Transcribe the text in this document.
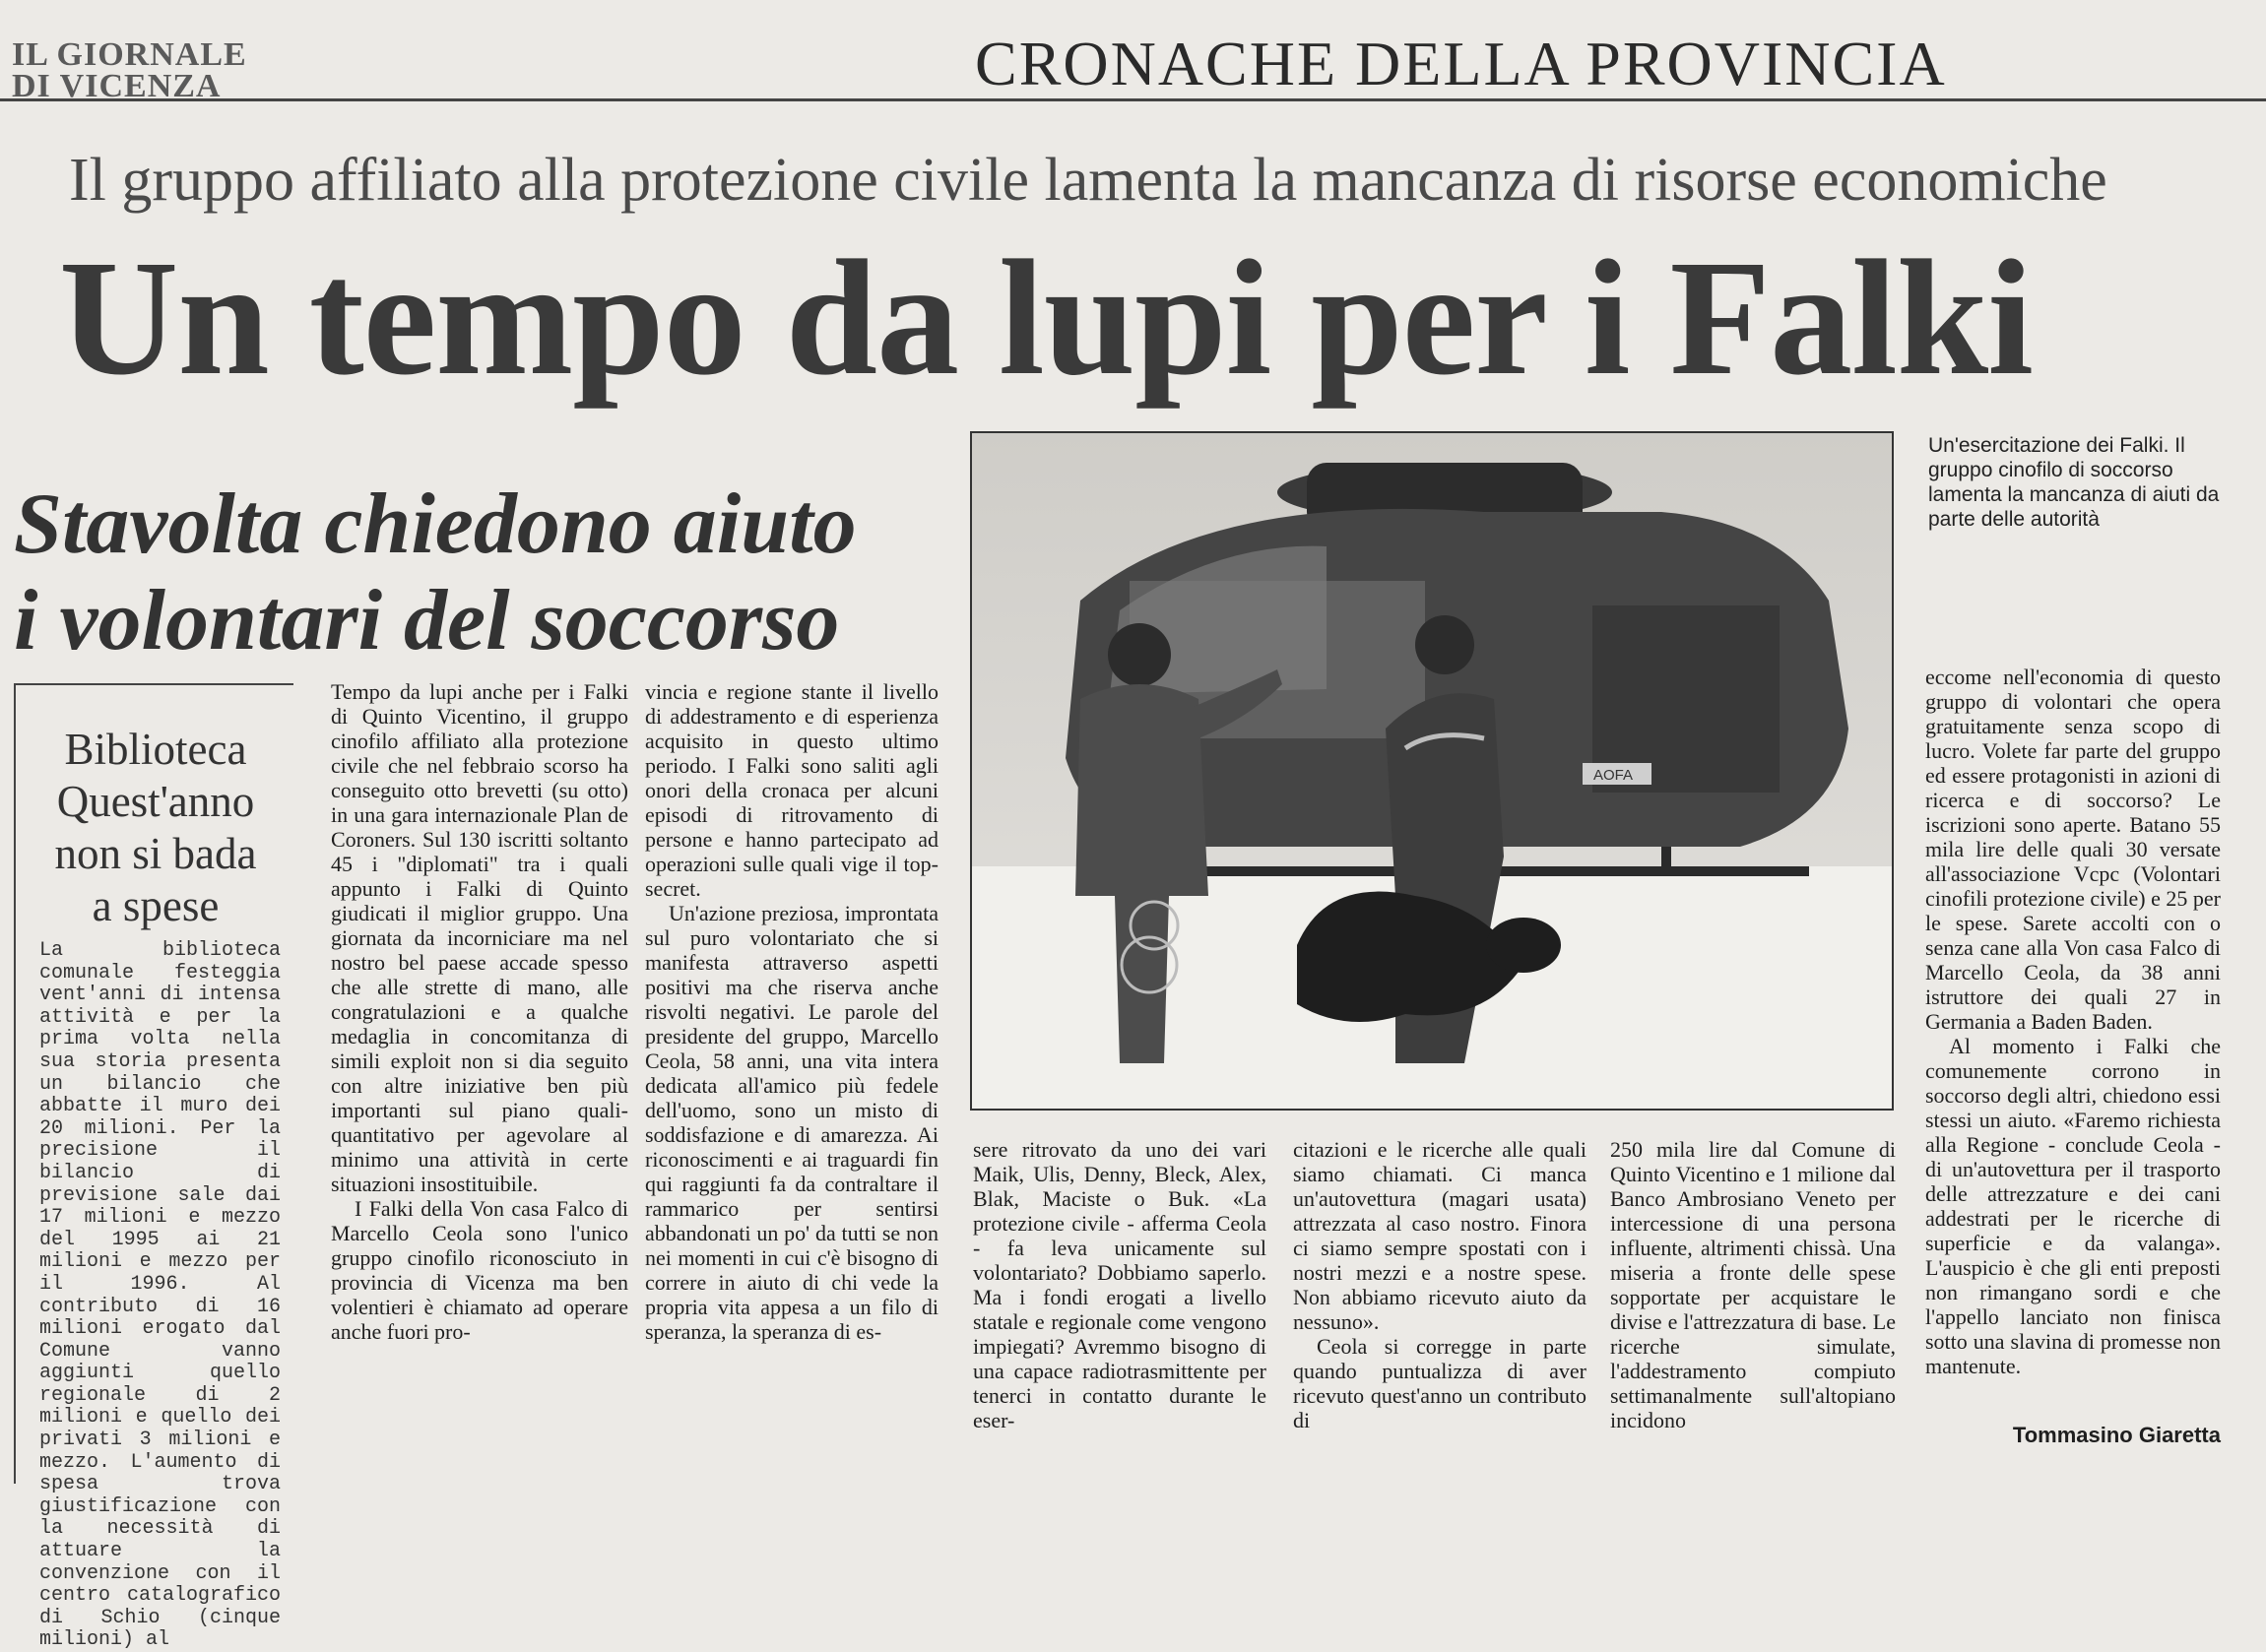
IL GIORNALE
DI VICENZA	CRONACHE DELLA PROVINCIA
Il gruppo affiliato alla protezione civile lamenta la mancanza di risorse economiche
Un tempo da lupi per i Falki
Stavolta chiedono aiuto
i volontari del soccorso
AOFA
Un'esercitazione dei Falki. Il gruppo cinofilo di soccorso lamenta la mancanza di aiuti da parte delle autorità
Biblioteca
Quest'anno
non si bada
a spese
La biblioteca comunale festeggia vent'anni di intensa attività e per la prima volta nella sua storia presenta un bilancio che abbatte il muro dei 20 milioni. Per la precisione il bilancio di previsione sale dai 17 milioni e mezzo del 1995 ai 21 milioni e mezzo per il 1996. Al contributo di 16 milioni erogato dal Comune vanno aggiunti quello regionale di 2 milioni e quello dei privati 3 milioni e mezzo. L'aumento di spesa trova giustificazione con la necessità di attuare la convenzione con il centro catalografico di Schio (cinque milioni) al

Tempo da lupi anche per i Falki di Quinto Vicentino, il gruppo cinofilo affiliato alla protezione civile che nel febbraio scorso ha conseguito otto brevetti (su otto) in una gara internazionale Plan de Coroners. Sul 130 iscritti soltanto 45 i "diplomati" tra i quali appunto i Falki di Quinto giudicati il miglior gruppo. Una giornata da incorniciare ma nel nostro bel paese accade spesso che alle strette di mano, alle congratulazioni e a qualche medaglia in concomitanza di simili exploit non si dia seguito con altre iniziative ben più importanti sul piano quali-quantitativo per agevolare al minimo una attività in certe situazioni insostituibile.

I Falki della Von casa Falco di Marcello Ceola sono l'unico gruppo cinofilo riconosciuto in provincia di Vicenza ma ben volentieri è chiamato ad operare anche fuori pro-

vincia e regione stante il livello di addestramento e di esperienza acquisito in questo ultimo periodo. I Falki sono saliti agli onori della cronaca per alcuni episodi di ritrovamento di persone e hanno partecipato ad operazioni sulle quali vige il top-secret.

Un'azione preziosa, improntata sul puro volontariato che si manifesta attraverso aspetti positivi ma che riserva anche risvolti negativi. Le parole del presidente del gruppo, Marcello Ceola, 58 anni, una vita intera dedicata all'amico più fedele dell'uomo, sono un misto di soddisfazione e di amarezza. Ai riconoscimenti e ai traguardi fin qui raggiunti fa da contraltare il rammarico per sentirsi abbandonati un po' da tutti se non nei momenti in cui c'è bisogno di correre in aiuto di chi vede la propria vita appesa a un filo di speranza, la speranza di es-

sere ritrovato da uno dei vari Maik, Ulis, Denny, Bleck, Alex, Blak, Maciste o Buk. «La protezione civile - afferma Ceola - fa leva unicamente sul volontariato? Dobbiamo saperlo. Ma i fondi erogati a livello statale e regionale come vengono impiegati? Avremmo bisogno di una capace radiotrasmittente per tenerci in contatto durante le eser-

citazioni e le ricerche alle quali siamo chiamati. Ci manca un'autovettura (magari usata) attrezzata al caso nostro. Finora ci siamo sempre spostati con i nostri mezzi e a nostre spese. Non abbiamo ricevuto aiuto da nessuno».

Ceola si corregge in parte quando puntualizza di aver ricevuto quest'anno un contributo di

250 mila lire dal Comune di Quinto Vicentino e 1 milione dal Banco Ambrosiano Veneto per intercessione di una persona influente, altrimenti chissà. Una miseria a fronte delle spese sopportate per acquistare le divise e l'attrezzatura di base. Le ricerche simulate, l'addestramento compiuto settimanalmente sull'altopiano incidono

eccome nell'economia di questo gruppo di volontari che opera gratuitamente senza scopo di lucro. Volete far parte del gruppo ed essere protagonisti in azioni di ricerca e di soccorso? Le iscrizioni sono aperte. Batano 55 mila lire delle quali 30 versate all'associazione Vcpc (Volontari cinofili protezione civile) e 25 per le spese. Sarete accolti con o senza cane alla Von casa Falco di Marcello Ceola, da 38 anni istruttore dei quali 27 in Germania a Baden Baden.

Al momento i Falki che comunemente corrono in soccorso degli altri, chiedono essi stessi un aiuto. «Faremo richiesta alla Regione - conclude Ceola - di un'autovettura per il trasporto delle attrezzature e dei cani addestrati per le ricerche di superficie e da valanga». L'auspicio è che gli enti preposti non rimangano sordi e che l'appello lanciato non finisca sotto una slavina di promesse non mantenute.

Tommasino Giaretta
